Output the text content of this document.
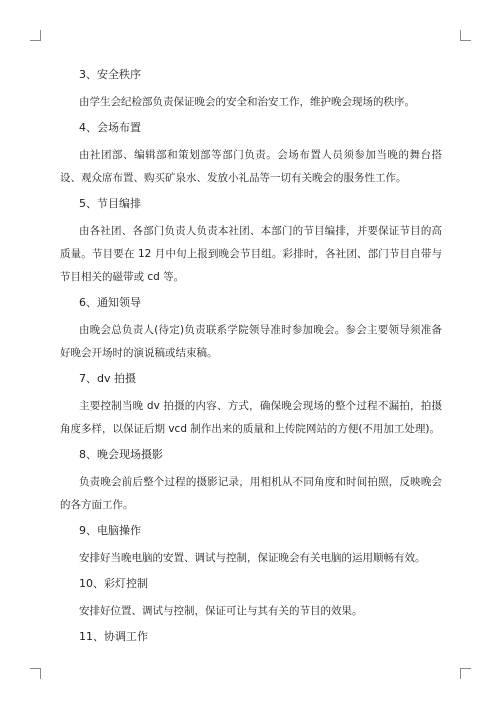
3、安全秩序

由学生会纪检部负责保证晚会的安全和治安工作，维护晚会现场的秩序。

4、会场布置

由社团部、编辑部和策划部等部门负责。会场布置人员须参加当晚的舞台搭设、观众席布置、购买矿泉水、发放小礼品等一切有关晚会的服务性工作。

5、节目编排

由各社团、各部门负责人负责本社团、本部门的节目编排，并要保证节目的高质量。节目要在 12 月中旬上报到晚会节目组。彩排时，各社团、部门节目自带与节目相关的磁带或 cd 等。

6、通知领导

由晚会总负责人(待定)负责联系学院领导准时参加晚会。参会主要领导须准备好晚会开场时的演说稿或结束稿。

7、dv 拍摄

主要控制当晚 dv 拍摄的内容、方式，确保晚会现场的整个过程不漏拍，拍摄角度多样，以保证后期 vcd 制作出来的质量和上传院网站的方便(不用加工处理)。

8、晚会现场摄影

负责晚会前后整个过程的摄影记录，用相机从不同角度和时间拍照，反映晚会的各方面工作。

9、电脑操作

安排好当晚电脑的安置、调试与控制，保证晚会有关电脑的运用顺畅有效。

10、彩灯控制

安排好位置、调试与控制，保证可让与其有关的节目的效果。

11、协调工作
